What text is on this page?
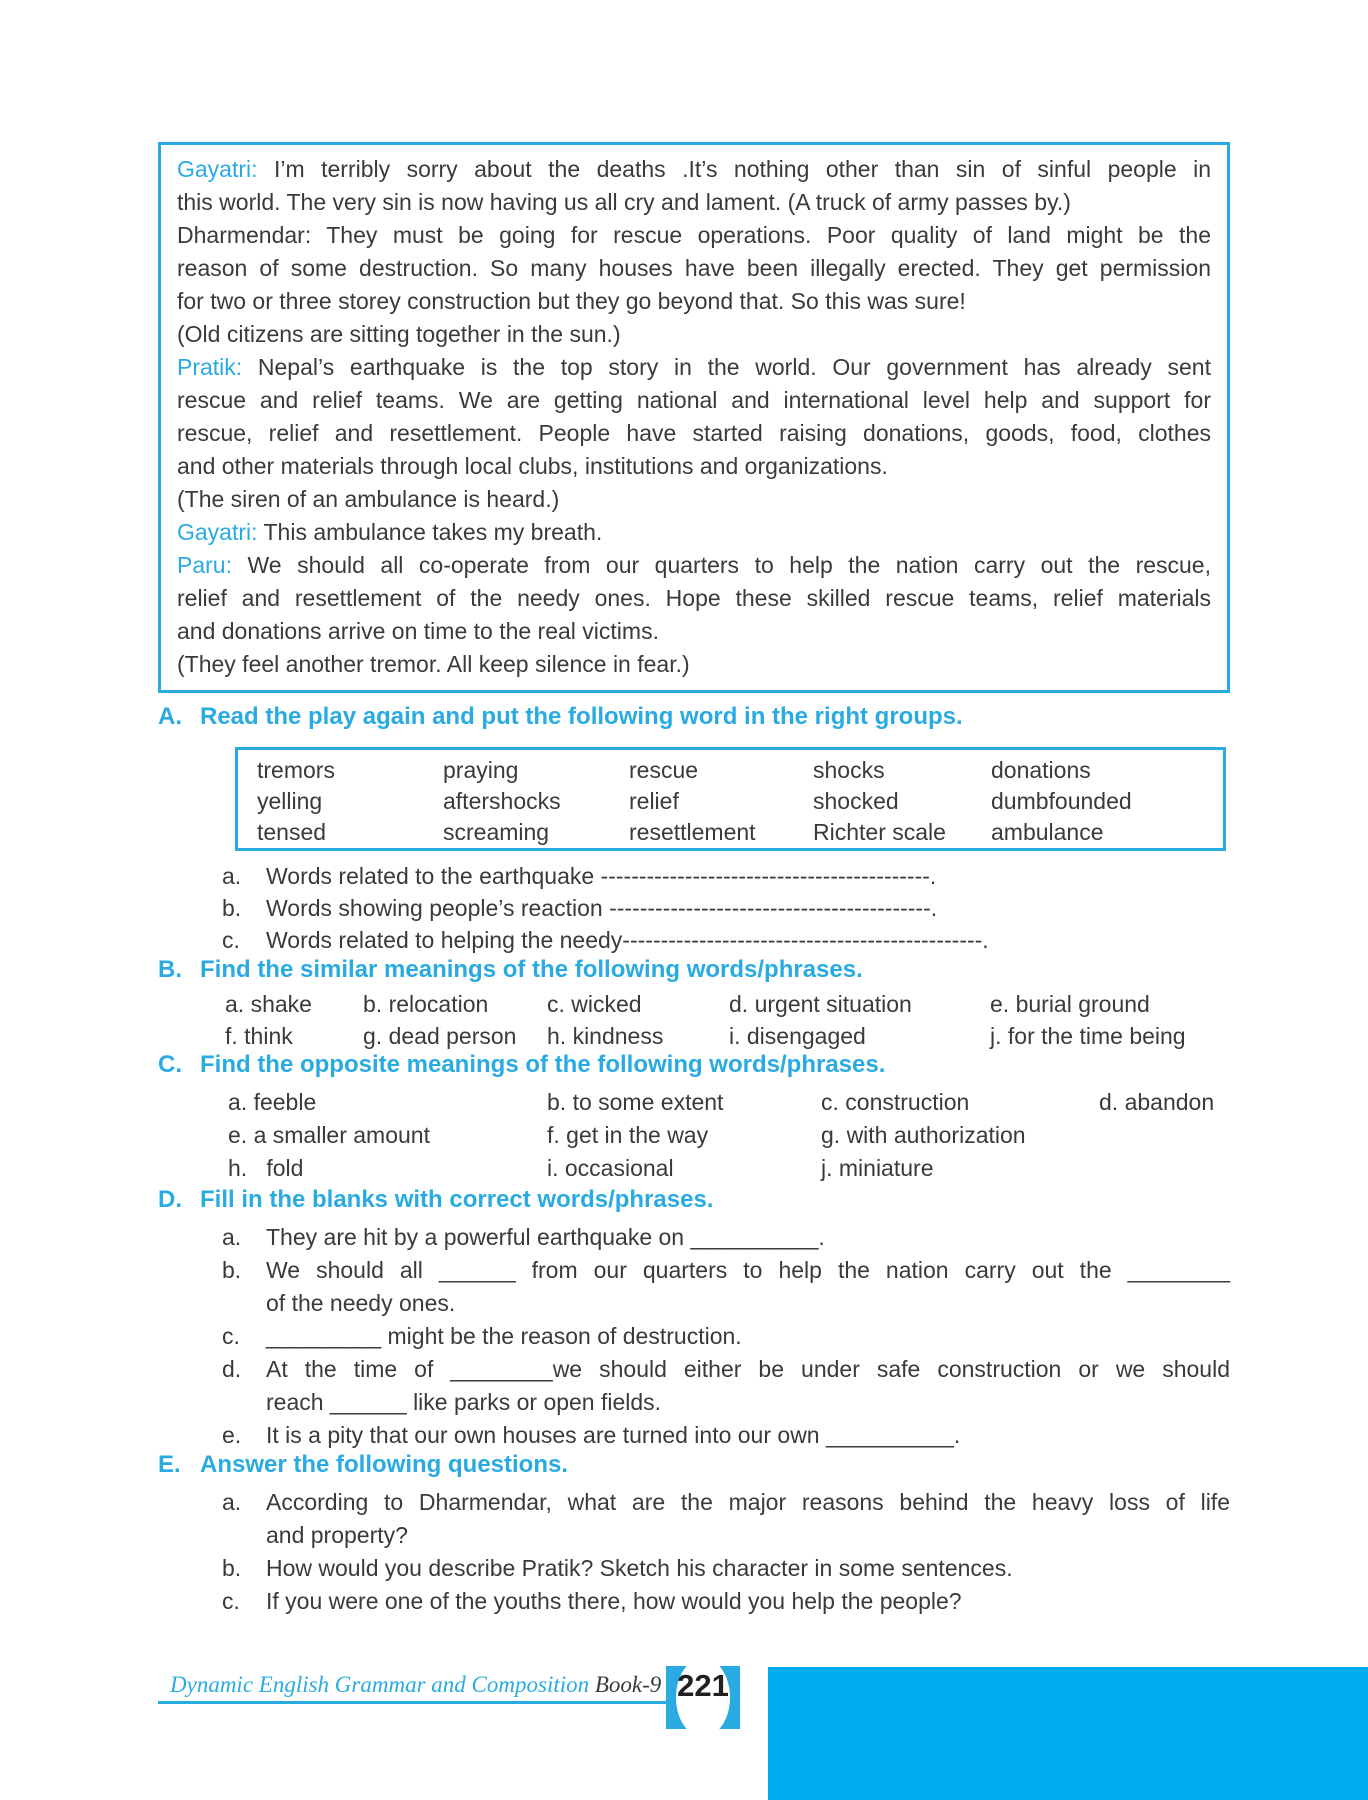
Gayatri: I’m terribly sorry about the deaths .It’s nothing other than sin of sinful people in
this world. The very sin is now having us all cry and lament. (A truck of army passes by.)
Dharmendar: They must be going for rescue operations. Poor quality of land might be the
reason of some destruction. So many houses have been illegally erected. They get permission
for two or three storey construction but they go beyond that. So this was sure!
(Old citizens are sitting together in the sun.)
Pratik: Nepal’s earthquake is the top story in the world. Our government has already sent
rescue and relief teams. We are getting national and international level help and support for
rescue, relief and resettlement. People have started raising donations, goods, food, clothes
and other materials through local clubs, institutions and organizations.
(The siren of an ambulance is heard.)
Gayatri: This ambulance takes my breath.
Paru: We should all co-operate from our quarters to help the nation carry out the rescue,
relief and resettlement of the needy ones. Hope these skilled rescue teams, relief materials
and donations arrive on time to the real victims.
(They feel another tremor. All keep silence in fear.)
A. Read the play again and put the following word in the right groups.
tremors	praying	rescue	shocks	donations
yelling	aftershocks	relief	shocked	dumbfounded
tensed	screaming	resettlement	Richter scale	ambulance
a. Words related to the earthquake -------------------------------------------.
b. Words showing people’s reaction ------------------------------------------.
c. Words related to helping the needy-----------------------------------------------.
B. Find the similar meanings of the following words/phrases.
a. shake b. relocation	c. wicked	d. urgent situation	e. burial ground
f. think	g. dead person h. kindness	i. disengaged	j. for the time being
C. Find the opposite meanings of the following words/phrases.
a. feeble	b. to some extent	c. construction	d. abandon
e. a smaller amount	f. get in the way	g. with authorization
h.   fold	i. occasional	j. miniature
D. Fill in the blanks with correct words/phrases.
a. They are hit by a powerful earthquake on __________.
b. We should all ______ from our quarters to help the nation carry out the ________
of the needy ones.
c. _________ might be the reason of destruction.
d. At the time of ________we should either be under safe construction or we should
reach ______ like parks or open fields.
e. It is a pity that our own houses are turned into our own __________.
E. Answer the following questions.
a. According to Dharmendar, what are the major reasons behind the heavy loss of life
and property?
b. How would you describe Pratik? Sketch his character in some sentences.
c. If you were one of the youths there, how would you help the people?
Dynamic English Grammar and Composition Book-9 221
